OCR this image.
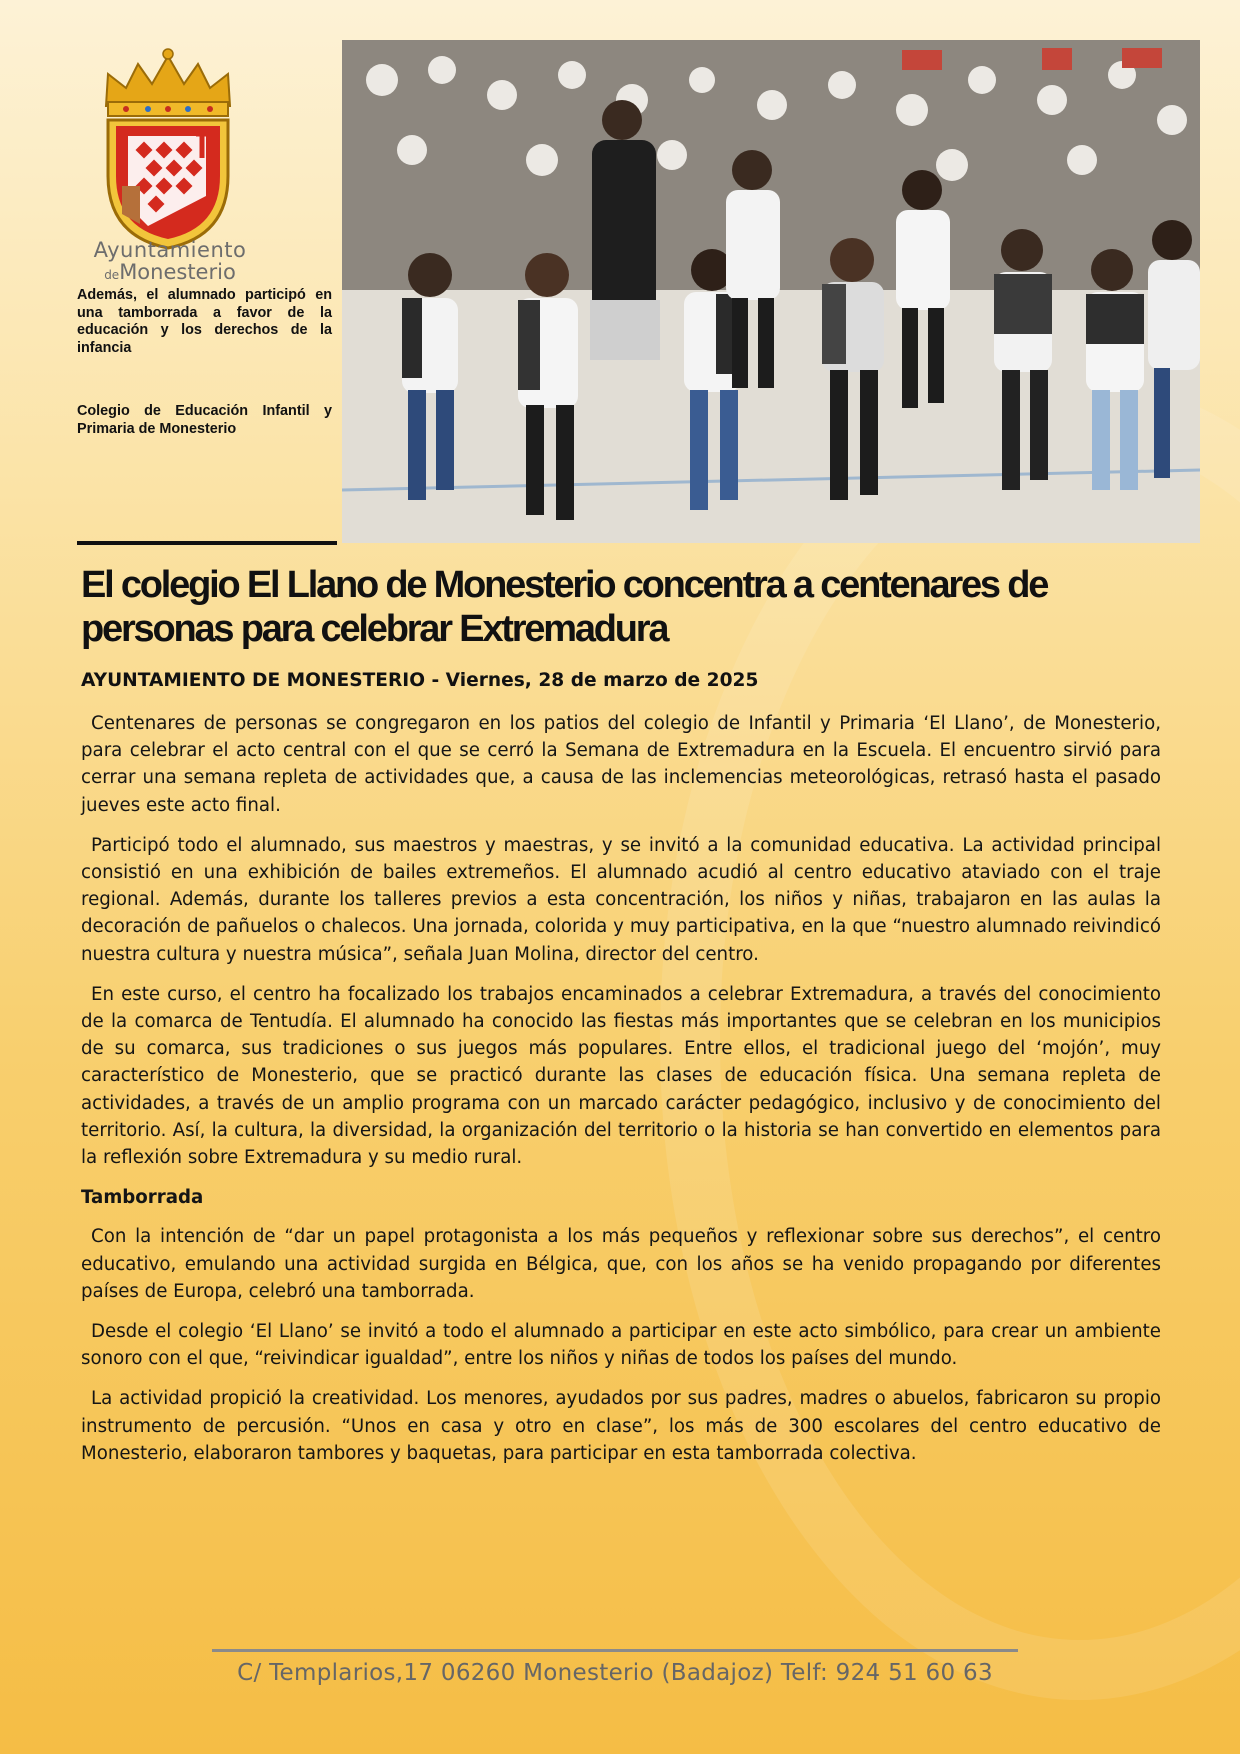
Ayuntamiento
deMonesterio
Además, el alumnado participó en una tamborrada a favor de la educación y los derechos de la infancia
Colegio de Educación Infantil y Primaria de Monesterio
El colegio El Llano de Monesterio concentra a centenares de personas para celebrar Extremadura
AYUNTAMIENTO DE MONESTERIO - Viernes, 28 de marzo de 2025

Centenares de personas se congregaron en los patios del colegio de Infantil y Primaria ‘El Llano’, de Monesterio, para celebrar el acto central con el que se cerró la Semana de Extremadura en la Escuela. El encuentro sirvió para cerrar una semana repleta de actividades que, a causa de las inclemencias meteorológicas, retrasó hasta el pasado jueves este acto final.

Participó todo el alumnado, sus maestros y maestras, y se invitó a la comunidad educativa. La actividad principal consistió en una exhibición de bailes extremeños. El alumnado acudió al centro educativo ataviado con el traje regional. Además, durante los talleres previos a esta concentración, los niños y niñas, trabajaron en las aulas la decoración de pañuelos o chalecos. Una jornada, colorida y muy participativa, en la que “nuestro alumnado reivindicó nuestra cultura y nuestra música”, señala Juan Molina, director del centro.

En este curso, el centro ha focalizado los trabajos encaminados a celebrar Extremadura, a través del conocimiento de la comarca de Tentudía. El alumnado ha conocido las fiestas más importantes que se celebran en los municipios de su comarca, sus tradiciones o sus juegos más populares. Entre ellos, el tradicional juego del ‘mojón’, muy característico de Monesterio, que se practicó durante las clases de educación física. Una semana repleta de actividades, a través de un amplio programa con un marcado carácter pedagógico, inclusivo y de conocimiento del territorio. Así, la cultura, la diversidad, la organización del territorio o la historia se han convertido en elementos para la reflexión sobre Extremadura y su medio rural.

Tamborrada

Con la intención de “dar un papel protagonista a los más pequeños y reflexionar sobre sus derechos”, el centro educativo, emulando una actividad surgida en Bélgica, que, con los años se ha venido propagando por diferentes países de Europa, celebró una tamborrada.

Desde el colegio ‘El Llano’ se invitó a todo el alumnado a participar en este acto simbólico, para crear un ambiente sonoro con el que, “reivindicar igualdad”, entre los niños y niñas de todos los países del mundo.

La actividad propició la creatividad. Los menores, ayudados por sus padres, madres o abuelos, fabricaron su propio instrumento de percusión. “Unos en casa y otro en clase”, los más de 300 escolares del centro educativo de Monesterio, elaboraron tambores y baquetas, para participar en esta tamborrada colectiva.

C/ Templarios,17 06260 Monesterio (Badajoz) Telf: 924 51 60 63
